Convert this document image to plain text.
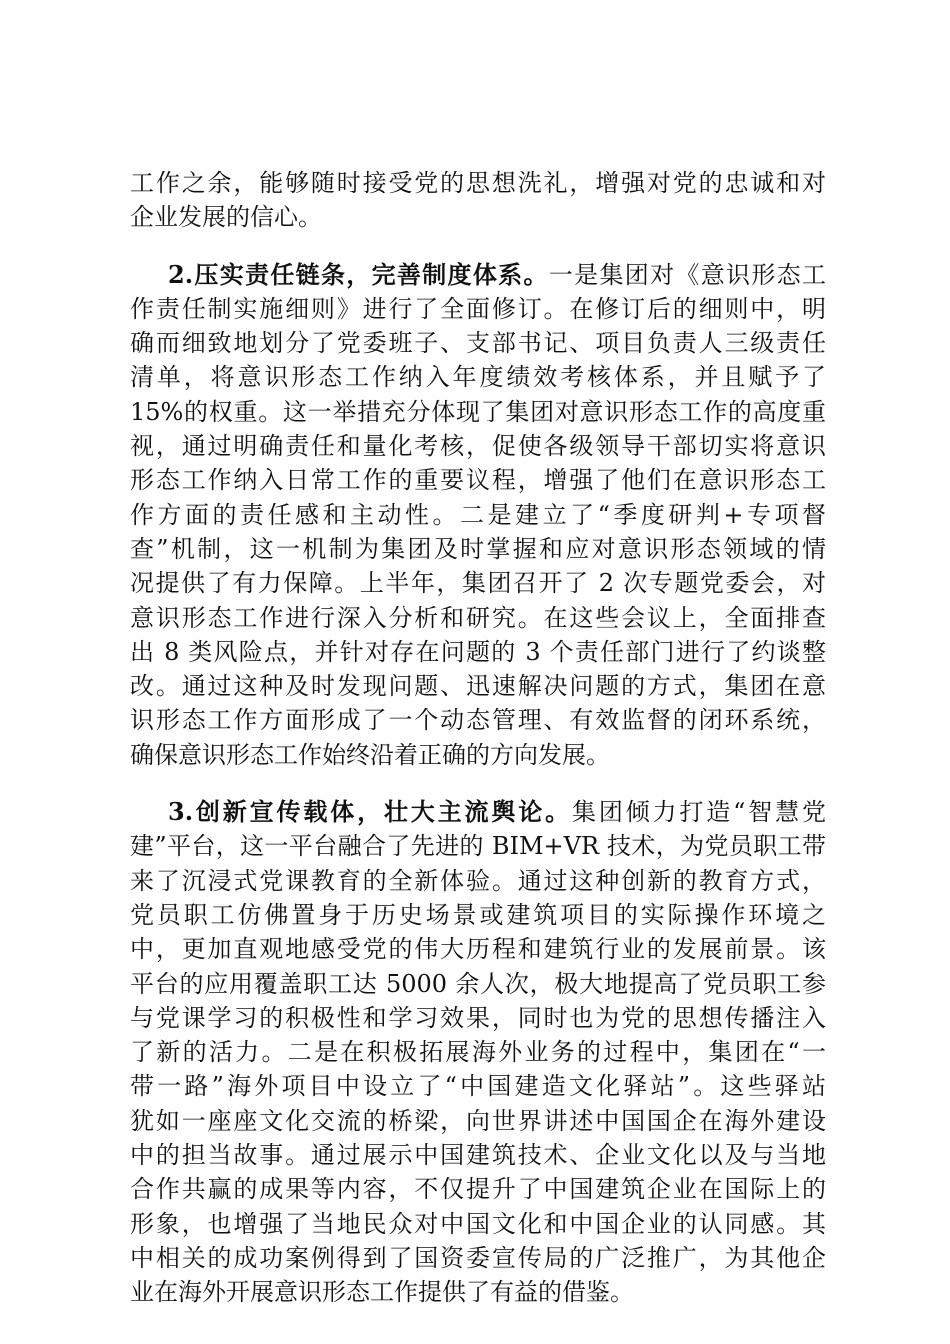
工作之余，能够随时接受党的思想洗礼，增强对党的忠诚和对
企业发展的信心。
2.压实责任链条，完善制度体系。一是集团对《意识形态工
作责任制实施细则》进行了全面修订。在修订后的细则中，明
确而细致地划分了党委班子、支部书记、项目负责人三级责任
清单，将意识形态工作纳入年度绩效考核体系，并且赋予了
15%的权重。这一举措充分体现了集团对意识形态工作的高度重
视，通过明确责任和量化考核，促使各级领导干部切实将意识
形态工作纳入日常工作的重要议程，增强了他们在意识形态工
作方面的责任感和主动性。二是建立了“季度研判+专项督
查”机制，这一机制为集团及时掌握和应对意识形态领域的情
况提供了有力保障。上半年，集团召开了 2 次专题党委会，对
意识形态工作进行深入分析和研究。在这些会议上，全面排查
出 8 类风险点，并针对存在问题的 3 个责任部门进行了约谈整
改。通过这种及时发现问题、迅速解决问题的方式，集团在意
识形态工作方面形成了一个动态管理、有效监督的闭环系统，
确保意识形态工作始终沿着正确的方向发展。
3.创新宣传载体，壮大主流舆论。集团倾力打造“智慧党
建”平台，这一平台融合了先进的 BIM+VR 技术，为党员职工带
来了沉浸式党课教育的全新体验。通过这种创新的教育方式，
党员职工仿佛置身于历史场景或建筑项目的实际操作环境之
中，更加直观地感受党的伟大历程和建筑行业的发展前景。该
平台的应用覆盖职工达 5000 余人次，极大地提高了党员职工参
与党课学习的积极性和学习效果，同时也为党的思想传播注入
了新的活力。二是在积极拓展海外业务的过程中，集团在“一
带一路”海外项目中设立了“中国建造文化驿站”。这些驿站
犹如一座座文化交流的桥梁，向世界讲述中国国企在海外建设
中的担当故事。通过展示中国建筑技术、企业文化以及与当地
合作共赢的成果等内容，不仅提升了中国建筑企业在国际上的
形象，也增强了当地民众对中国文化和中国企业的认同感。其
中相关的成功案例得到了国资委宣传局的广泛推广，为其他企
业在海外开展意识形态工作提供了有益的借鉴。
